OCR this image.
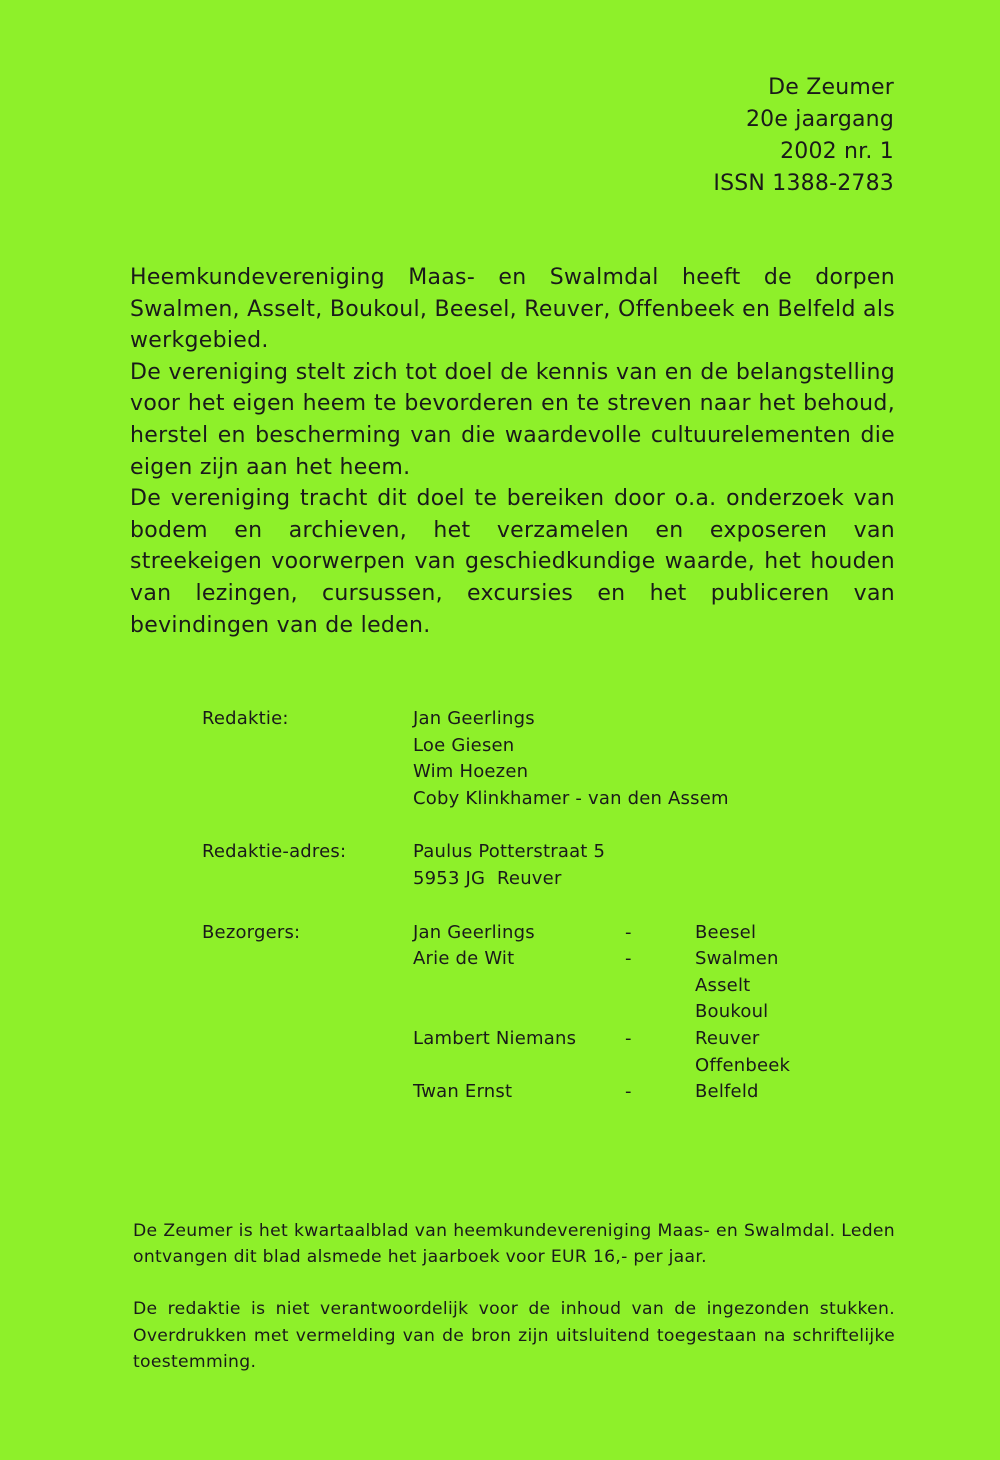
De Zeumer
20e jaargang
2002 nr. 1
ISSN 1388-2783

Heemkundevereniging Maas- en Swalmdal heeft de dorpen Swalmen, Asselt, Boukoul, Beesel, Reuver, Offenbeek en Belfeld als werkgebied.

De vereniging stelt zich tot doel de kennis van en de belangstelling voor het eigen heem te bevorderen en te streven naar het behoud, herstel en bescherming van die waardevolle cultuurelementen die eigen zijn aan het heem.

De vereniging tracht dit doel te bereiken door o.a. onderzoek van bodem en archieven, het verzamelen en exposeren van streekeigen voorwerpen van geschiedkundige waarde, het houden van lezingen, cursussen, excursies en het publiceren van bevindingen van de leden.

Redaktie:	Jan Geerlings
Loe Giesen
Wim Hoezen
Coby Klinkhamer - van den Assem
Redaktie-adres:	Paulus Potterstraat 5
5953 JG  Reuver
Bezorgers:	Jan Geerlings	-	Beesel
Arie de Wit	-	Swalmen
Asselt
Boukoul
Lambert Niemans	-	Reuver
Offenbeek
Twan Ernst	-	Belfeld

De Zeumer is het kwartaalblad van heemkundevereniging Maas- en Swalmdal. Leden ontvangen dit blad alsmede het jaarboek voor EUR 16,- per jaar.

De redaktie is niet verantwoordelijk voor de inhoud van de ingezonden stukken. Overdrukken met vermelding van de bron zijn uitsluitend toegestaan na schriftelijke toestemming.
